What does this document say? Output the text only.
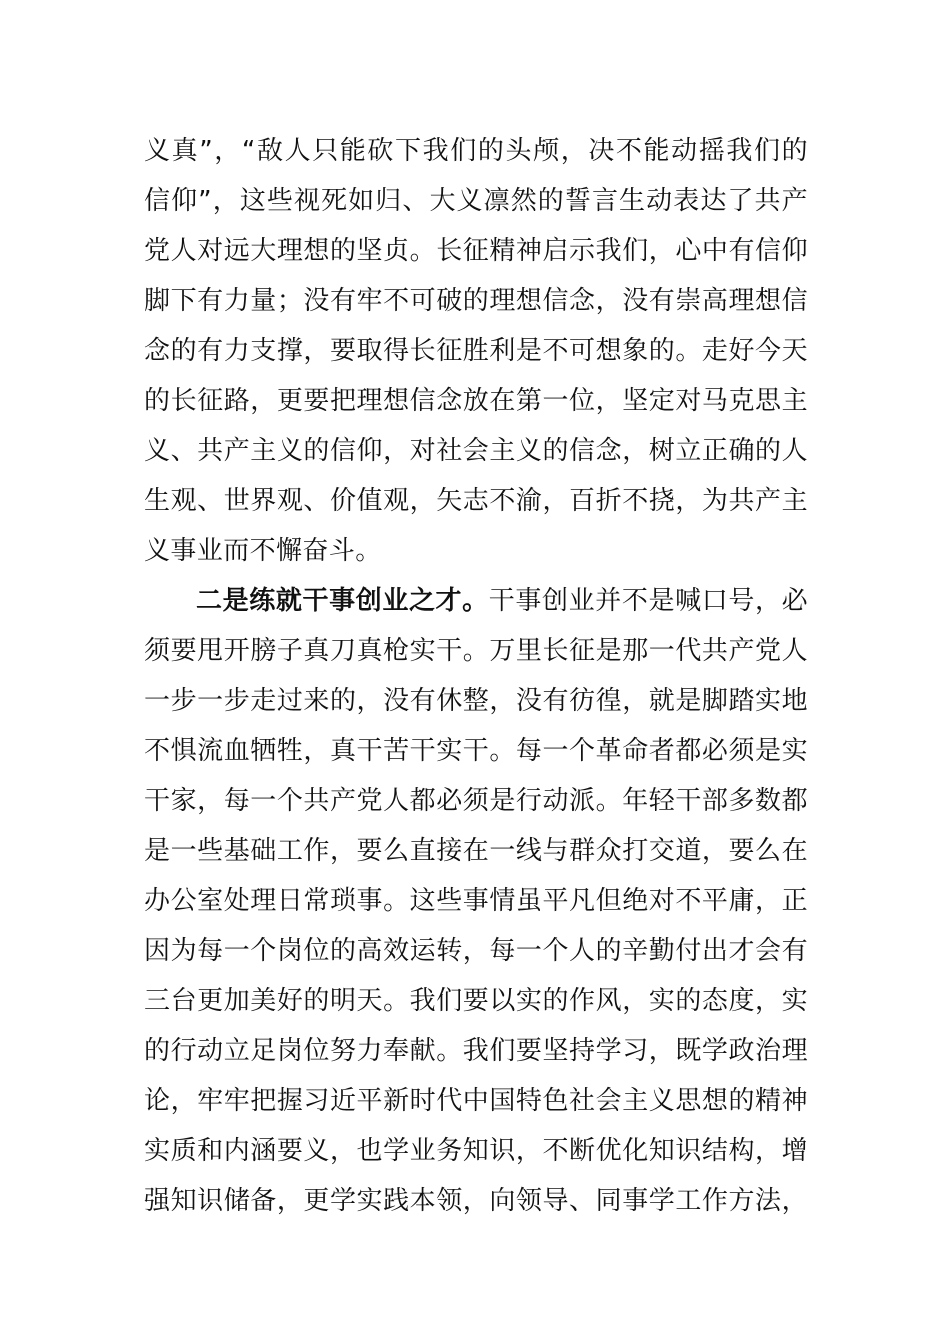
义真”，“敌人只能砍下我们的头颅，决不能动摇我们的
信仰”，这些视死如归、大义凛然的誓言生动表达了共产
党人对远大理想的坚贞。长征精神启示我们，心中有信仰
脚下有力量；没有牢不可破的理想信念，没有崇高理想信
念的有力支撑，要取得长征胜利是不可想象的。走好今天
的长征路，更要把理想信念放在第一位，坚定对马克思主
义、共产主义的信仰，对社会主义的信念，树立正确的人
生观、世界观、价值观，矢志不渝，百折不挠，为共产主
义事业而不懈奋斗。
二是练就干事创业之才。干事创业并不是喊口号，必
须要甩开膀子真刀真枪实干。万里长征是那一代共产党人
一步一步走过来的，没有休整，没有彷徨，就是脚踏实地
不惧流血牺牲，真干苦干实干。每一个革命者都必须是实
干家，每一个共产党人都必须是行动派。年轻干部多数都
是一些基础工作，要么直接在一线与群众打交道，要么在
办公室处理日常琐事。这些事情虽平凡但绝对不平庸，正
因为每一个岗位的高效运转，每一个人的辛勤付出才会有
三台更加美好的明天。我们要以实的作风，实的态度，实
的行动立足岗位努力奉献。我们要坚持学习，既学政治理
论，牢牢把握习近平新时代中国特色社会主义思想的精神
实质和内涵要义，也学业务知识，不断优化知识结构，增
强知识储备，更学实践本领，向领导、同事学工作方法，
